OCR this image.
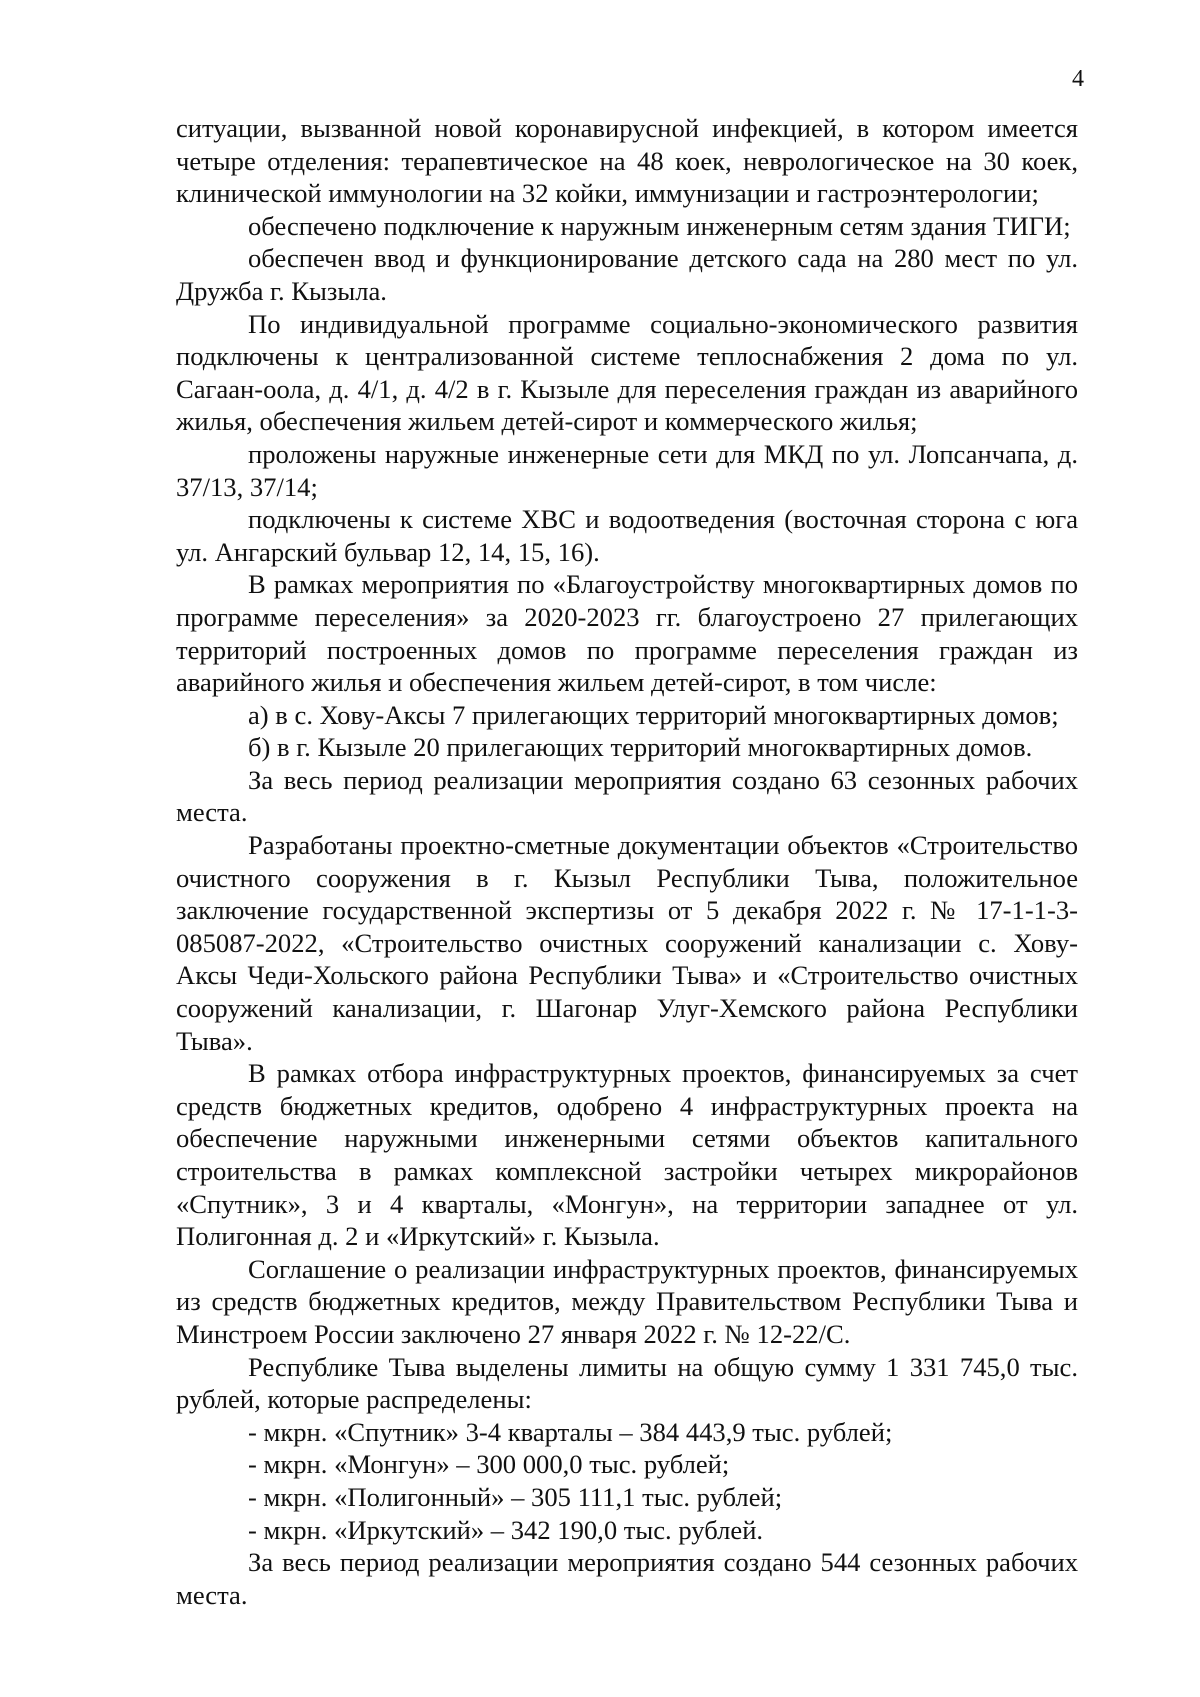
4

ситуации, вызванной новой коронавирусной инфекцией, в котором имеется четыре отделения: терапевтическое на 48 коек, неврологическое на 30 коек, клинической иммунологии на 32 койки, иммунизации и гастроэнтерологии;

обеспечено подключение к наружным инженерным сетям здания ТИГИ;

обеспечен ввод и функционирование детского сада на 280 мест по ул. Дружба г. Кызыла.

По индивидуальной программе социально-экономического развития подключены к централизованной системе теплоснабжения 2 дома по ул. Сагаан-оола, д. 4/1, д. 4/2 в г. Кызыле для переселения граждан из аварийного жилья, обеспечения жильем детей-сирот и коммерческого жилья;

проложены наружные инженерные сети для МКД по ул. Лопсанчапа, д. 37/13, 37/14;

подключены к системе ХВС и водоотведения (восточная сторона с юга ул. Ангарский бульвар 12, 14, 15, 16).

В рамках мероприятия по «Благоустройству многоквартирных домов по программе переселения» за 2020-2023 гг. благоустроено 27 прилегающих территорий построенных домов по программе переселения граждан из аварийного жилья и обеспечения жильем детей-сирот, в том числе:

а) в с. Хову-Аксы 7 прилегающих территорий многоквартирных домов;

б) в г. Кызыле 20 прилегающих территорий многоквартирных домов.

За весь период реализации мероприятия создано 63 сезонных рабочих места.

Разработаны проектно-сметные документации объектов «Строительство очистного сооружения в г. Кызыл Республики Тыва, положительное заключение государственной экспертизы от 5 декабря 2022 г. № 17-1-1-3-085087-2022, «Строительство очистных сооружений канализации с. Хову-Аксы Чеди-Хольского района Республики Тыва» и «Строительство очистных сооружений канализации, г. Шагонар Улуг-Хемского района Республики Тыва».

В рамках отбора инфраструктурных проектов, финансируемых за счет средств бюджетных кредитов, одобрено 4 инфраструктурных проекта на обеспечение наружными инженерными сетями объектов капитального строительства в рамках комплексной застройки четырех микрорайонов «Спутник», 3 и 4 кварталы, «Монгун», на территории западнее от ул. Полигонная д. 2 и «Иркутский» г. Кызыла.

Соглашение о реализации инфраструктурных проектов, финансируемых из средств бюджетных кредитов, между Правительством Республики Тыва и Минстроем России заключено 27 января 2022 г. № 12-22/С.

Республике Тыва выделены лимиты на общую сумму 1 331 745,0 тыс. рублей, которые распределены:

- мкрн. «Спутник» 3-4 кварталы – 384 443,9 тыс. рублей;

- мкрн. «Монгун» – 300 000,0 тыс. рублей;

- мкрн. «Полигонный» – 305 111,1 тыс. рублей;

- мкрн. «Иркутский» – 342 190,0 тыс. рублей.

За весь период реализации мероприятия создано 544 сезонных рабочих места.
